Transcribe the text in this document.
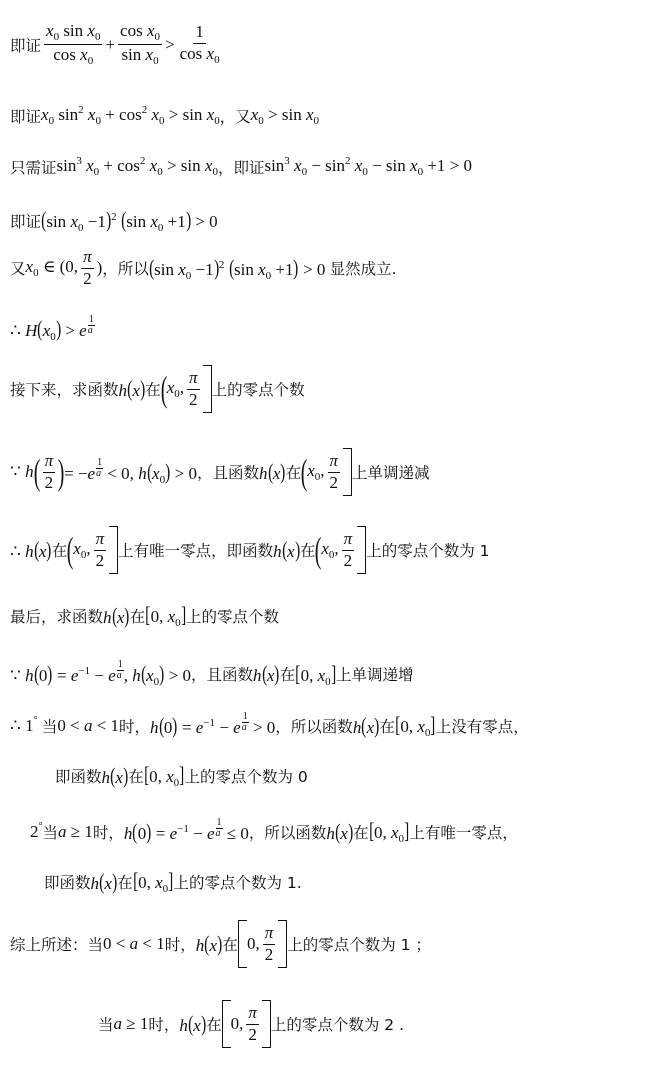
即证 $\frac{x_0 \sin x_0}{\cos x_0} + \frac{\cos x_0}{\sin x_0} > \frac{1}{\cos x_0}$
即证 $x_0$ $\sin^2 x_0 + \cos^2 x_0 > \sin x_0$ ，又 $x_0 > \sin x_0$
只需证 $\sin^3 x_0 + \cos^2 x_0 > \sin x_0$ ，即证 $\sin^3 x_0 - \sin^2 x_0 - \sin x_0 +1 > 0$
即证 (sin $x_0 -1)^2$ (sin $x_0 +1) > 0$
又 $x_0$ ∈ (0, $\frac{\pi}{2}$ ) ，所以 (sin $x_0 -1)^2$ (sin $x_0 +1) > 0$ 显然成立.
∴ $H(x_0) > e \frac{1}{a}$
接下来，求函数 h(x) 在 ( $x_0$, $\frac{\pi}{2}$ 上的零点个数
∵ h ( $\frac{\pi}{2}$ ) = $-e \frac{1}{a} < 0$, $h(x_0) > 0$ ，且函数 h(x) 在 ( $x_0$, $\frac{\pi}{2}$ 上单调递减
∴ h(x) 在 ( $x_0$, $\frac{\pi}{2}$ 上有唯一零点，即函数 h(x) 在 ( $x_0$, $\frac{\pi}{2}$ 上的零点个数为 1
最后，求函数 h(x) 在 [0, $x_0$] 上的零点个数
∵ $h(0) = e^{-1} - e \frac{1}{a}$ , $h(x_0) > 0$ ，且函数 h(x) 在 [0, $x_0$] 上单调递增
∴ 1° 当 0 < a < 1 时， $h(0) = e^{-1} - e \frac{1}{a} > 0$ ，所以函数 h(x) 在 [0, $x_0$] 上没有零点，
即函数 h(x) 在 [0, $x_0$] 上的零点个数为 0
2° 当 a ≥ 1 时， $h(0) = e^{-1} - e \frac{1}{a} \le 0$ ，所以函数 h(x) 在 [0, $x_0$] 上有唯一零点，
即函数 h(x) 在 [0, $x_0$] 上的零点个数为 1.
综上所述：当 0 < a < 1 时， h(x) 在 0, $\frac{\pi}{2}$ 上的零点个数为 1 ；
当 a ≥ 1 时， h(x) 在 0, $\frac{\pi}{2}$ 上的零点个数为 2 .
